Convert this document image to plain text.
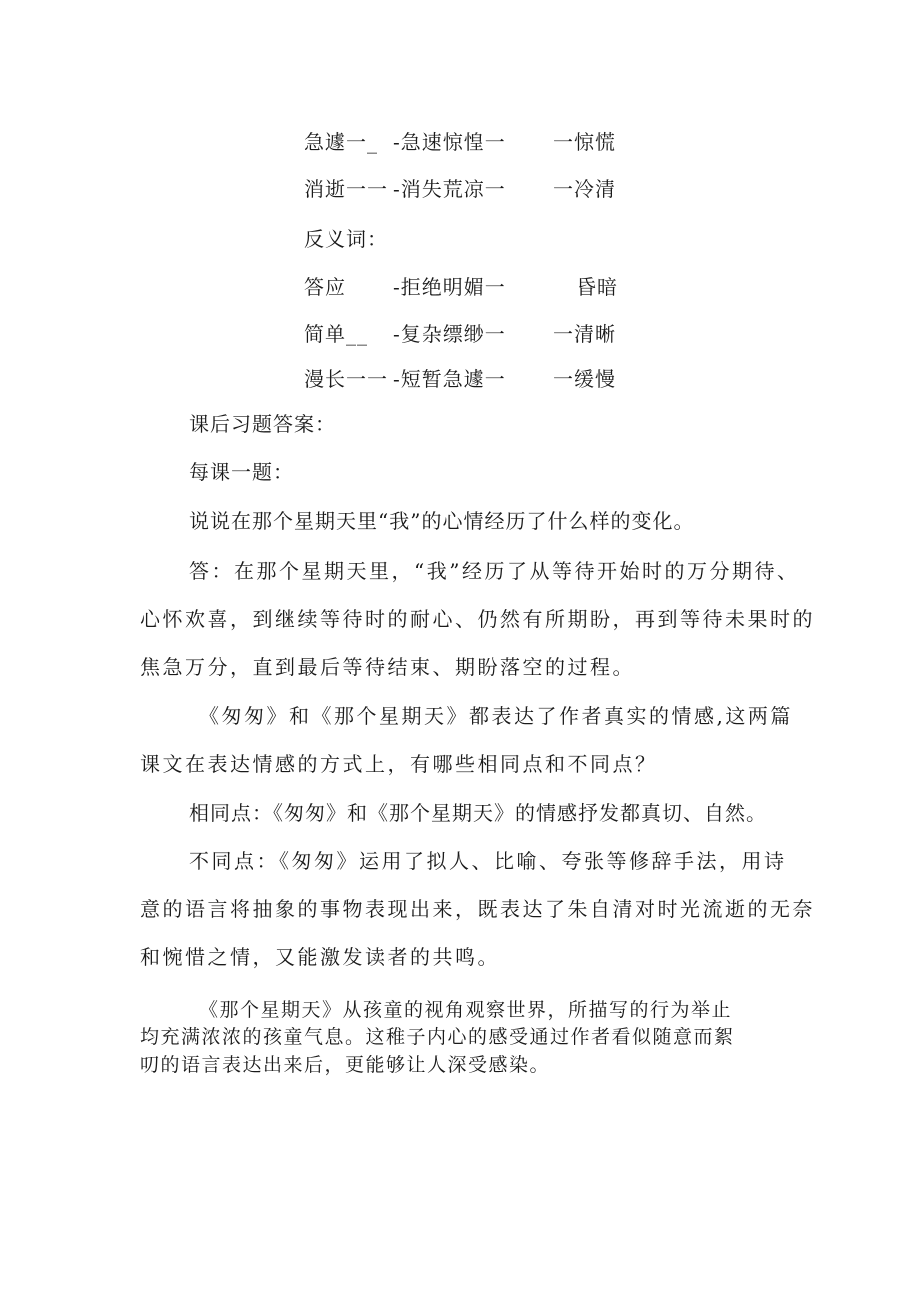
急遽一_ -急速惊惶一 一惊慌
消逝一一 -消失荒凉一 一冷清
反义词：
答应 -拒绝明媚一	昏暗
简单__ -复杂缥缈一 一清晰
漫长一一 -短暂急遽一 一缓慢
课后习题答案：
每课一题：
说说在那个星期天里“我”的心情经历了什么样的变化。
答：在那个星期天里，“我”经历了从等待开始时的万分期待、
心怀欢喜，到继续等待时的耐心、仍然有所期盼，再到等待未果时的
焦急万分，直到最后等待结束、期盼落空的过程。
《匆匆》和《那个星期天》都表达了作者真实的情感,这两篇
课文在表达情感的方式上，有哪些相同点和不同点？
相同点：《匆匆》和《那个星期天》的情感抒发都真切、自然。
不同点：《匆匆》运用了拟人、比喻、夸张等修辞手法，用诗
意的语言将抽象的事物表现出来，既表达了朱自清对时光流逝的无奈
和惋惜之情，又能激发读者的共鸣。
《那个星期天》从孩童的视角观察世界，所描写的行为举止
均充满浓浓的孩童气息。这稚子内心的感受通过作者看似随意而絮
叨的语言表达出来后，更能够让人深受感染。
